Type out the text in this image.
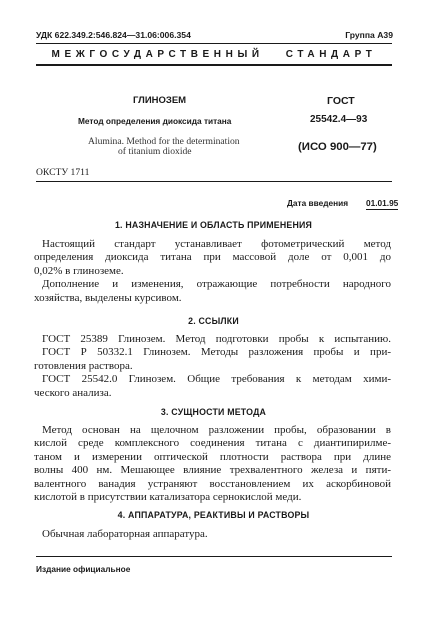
УДК 622.349.2:546.824—31.06:006.354	Группа А39
МЕЖГОСУДАРСТВЕННЫЙ   СТАНДАРТ
ГЛИНОЗЕМ
Метод определения диоксида титана
Alumina. Method for the determination
of titanium dioxide
ГОСТ
25542.4—93
(ИСО 900—77)
ОКСТУ 1711
Дата введения 01.01.95
1. НАЗНАЧЕНИЕ И ОБЛАСТЬ ПРИМЕНЕНИЯ
Настоящий стандарт устанавливает фотометрический метод
определения диоксида титана при массовой доле от 0,001 до
0,02% в глиноземе.
Дополнение и изменения, отражающие потребности народного
хозяйства, выделены курсивом.
2. ССЫЛКИ
ГОСТ 25389 Глинозем. Метод подготовки пробы к испытанию.
ГОСТ Р 50332.1 Глинозем. Методы разложения пробы и при-
готовления раствора.
ГОСТ 25542.0 Глинозем. Общие требования к методам хими-
ческого анализа.
3. СУЩНОСТИ МЕТОДА
Метод основан на щелочном разложении пробы, образовании в
кислой среде комплексного соединения титана с диантипирилме-
таном и измерении оптической плотности раствора при длине
волны 400 нм. Мешающее влияние трехвалентного железа и пяти-
валентного ванадия устраняют восстановлением их аскорбиновой
кислотой в присутствии катализатора сернокислой меди.
4. АППАРАТУРА, РЕАКТИВЫ И РАСТВОРЫ
Обычная лабораторная аппаратура.
Издание официальное
